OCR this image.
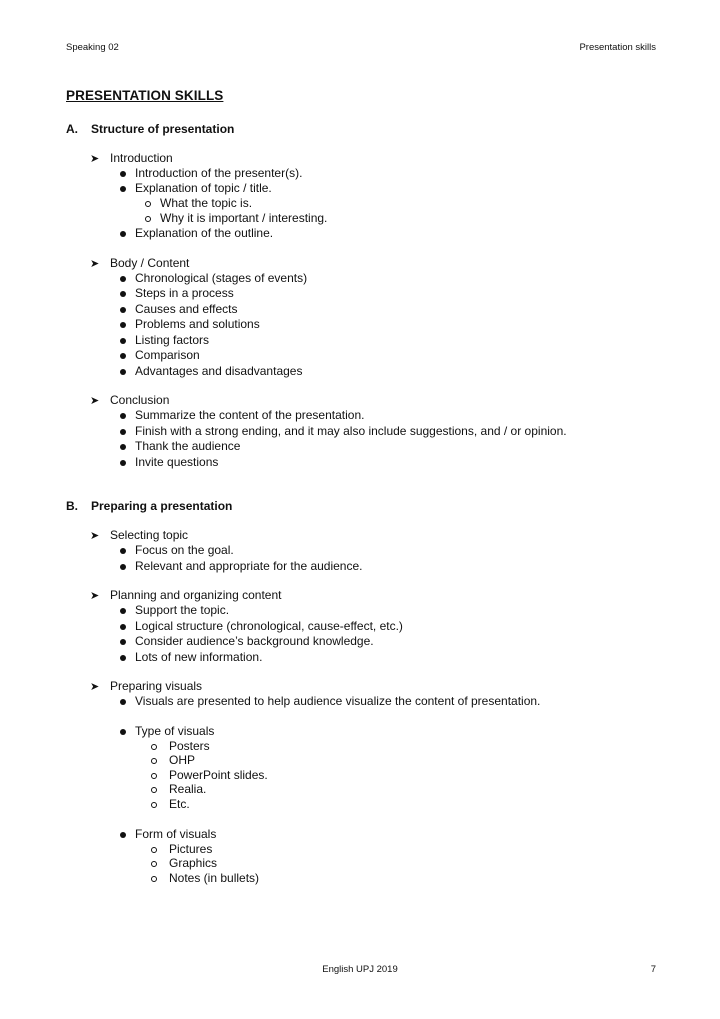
Speaking 02	Presentation skills
PRESENTATION SKILLS
A. Structure of presentation
➤ Introduction
Introduction of the presenter(s).
Explanation of topic / title.
What the topic is.
Why it is important / interesting.
Explanation of the outline.
➤ Body / Content
Chronological (stages of events)
Steps in a process
Causes and effects
Problems and solutions
Listing factors
Comparison
Advantages and disadvantages
➤ Conclusion
Summarize the content of the presentation.
Finish with a strong ending, and it may also include suggestions, and / or opinion.
Thank the audience
Invite questions
B. Preparing a presentation
➤ Selecting topic
Focus on the goal.
Relevant and appropriate for the audience.
➤ Planning and organizing content
Support the topic.
Logical structure (chronological, cause-effect, etc.)
Consider audience’s background knowledge.
Lots of new information.
➤ Preparing visuals
Visuals are presented to help audience visualize the content of presentation.
Type of visuals
Posters
OHP
PowerPoint slides.
Realia.
Etc.
Form of visuals
Pictures
Graphics
Notes (in bullets)
English UPJ 2019	7
